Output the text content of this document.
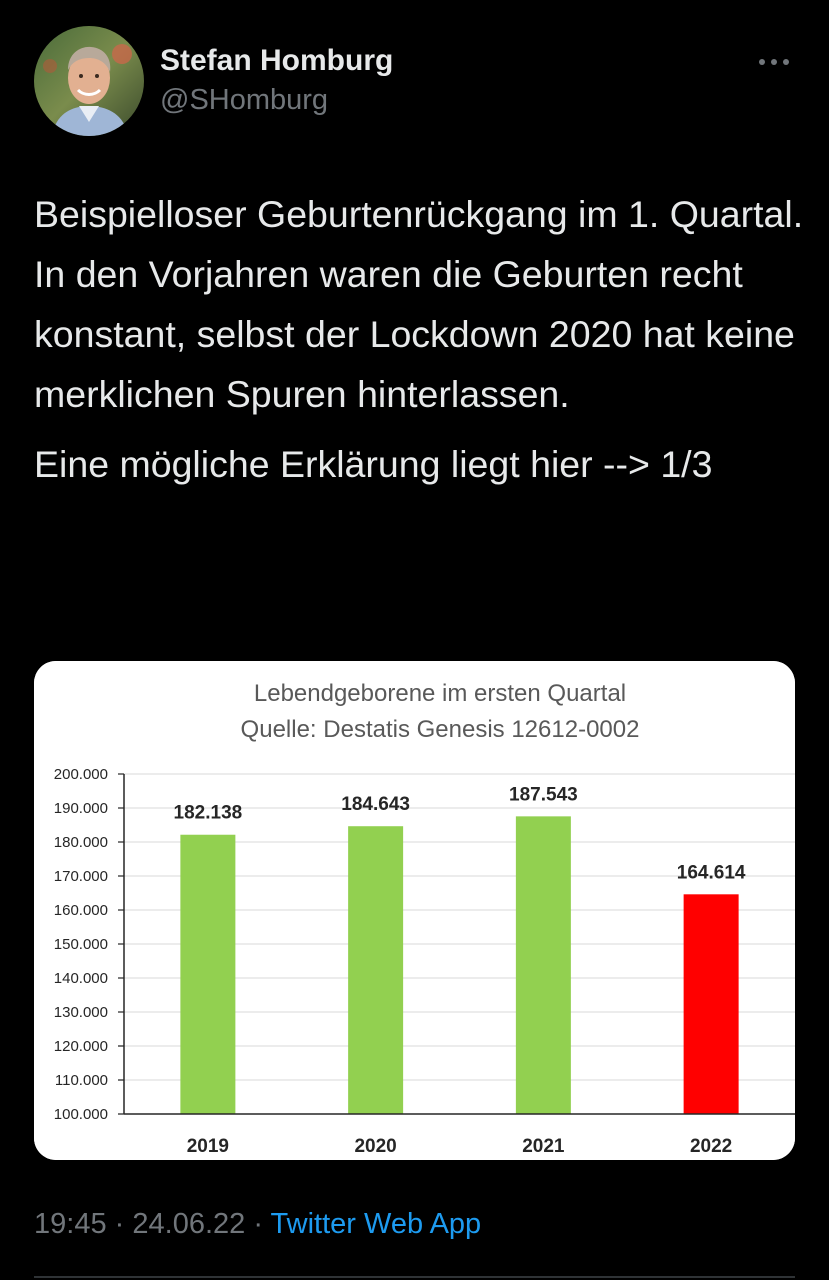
Stefan Homburg
@SHomburg

Beispielloser Geburtenrückgang im 1. Quartal. In den Vorjahren waren die Geburten recht konstant, selbst der Lockdown 2020 hat keine merklichen Spuren hinterlassen.

Eine mögliche Erklärung liegt hier --> 1/3

Lebendgeborene im ersten Quartal
Quelle: Destatis Genesis 12612-0002
100.000
110.000
120.000
130.000
140.000
150.000
160.000
170.000
180.000
190.000
200.000
182.138	184.643	187.543
164.614
2019	2020	2021	2022
19:45 · 24.06.22 · Twitter Web App
